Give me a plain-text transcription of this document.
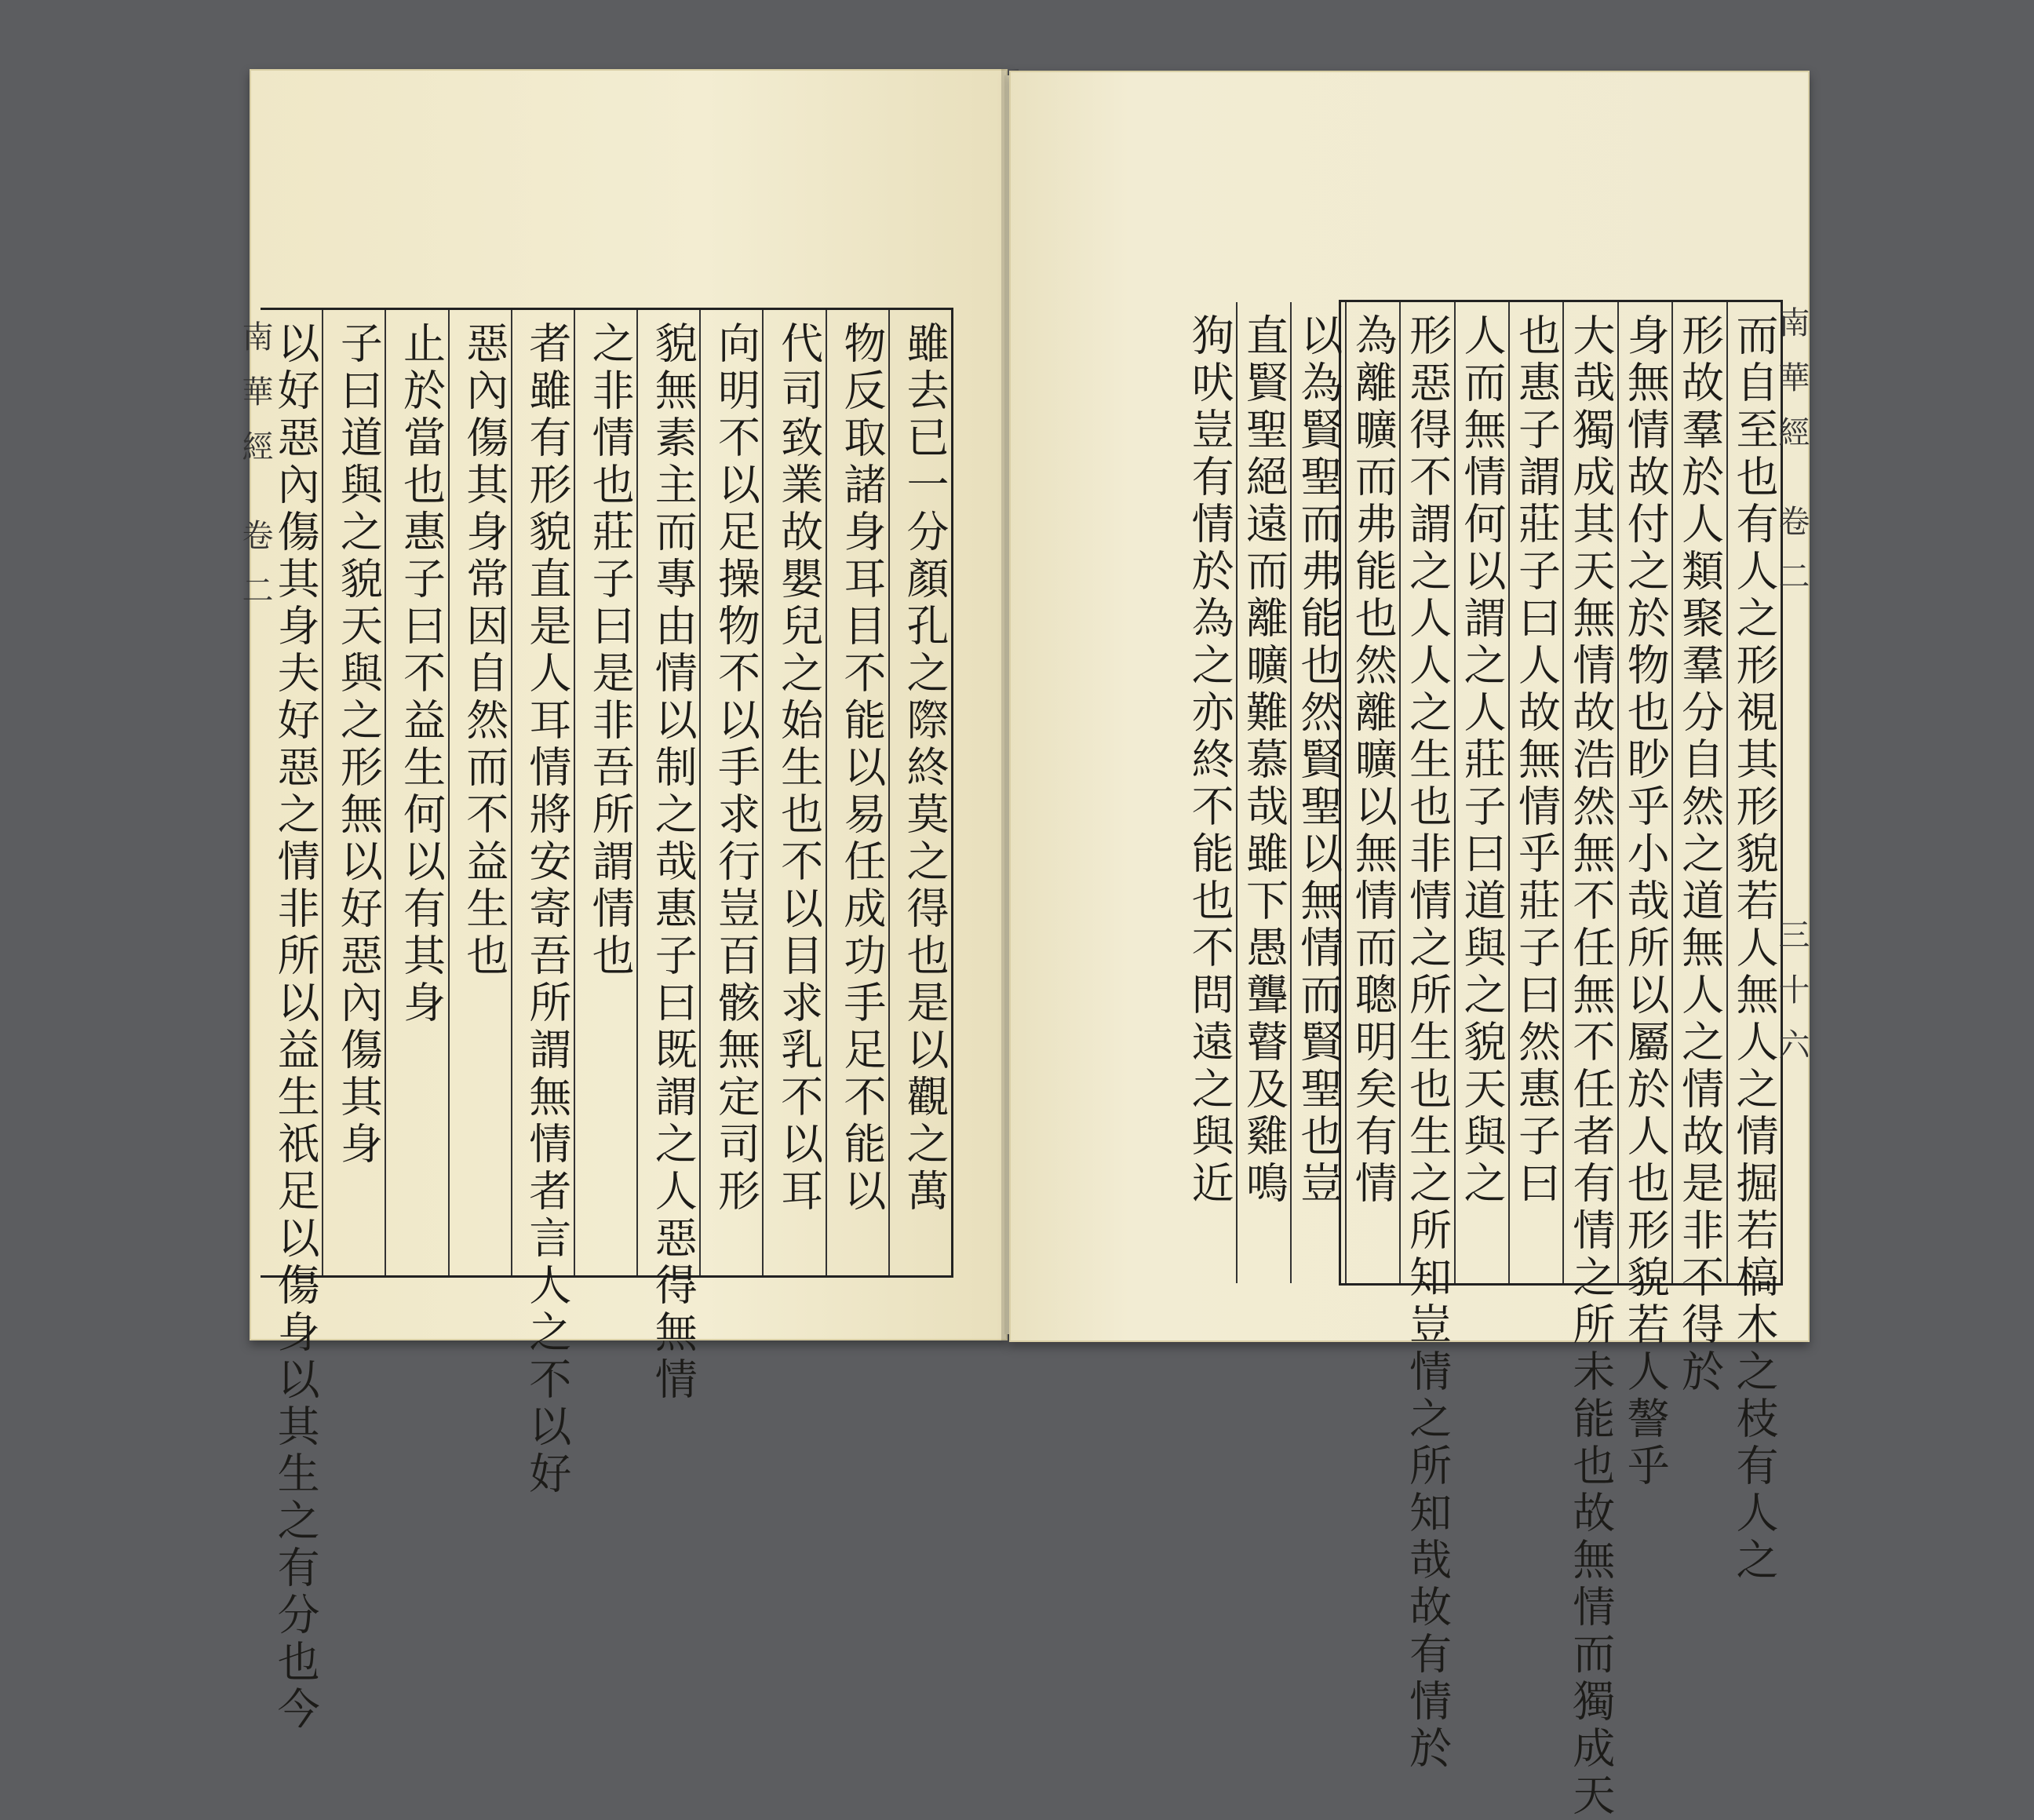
南華經 卷二	雖去已一分顏孔之際終莫之得也是以觀之萬
物反取諸身耳目不能以易任成功手足不能以
代司致業故嬰兒之始生也不以目求乳不以耳
向明不以足操物不以手求行豈百骸無定司形
貌無素主而專由情以制之哉惠子曰既謂之人惡得無情
之非情也莊子曰是非吾所謂情也
者雖有形貌直是人耳情將安寄吾所謂無情者言人之不以好
惡內傷其身常因自然而不益生也
止於當也惠子曰不益生何以有其身
子曰道與之貌天與之形無以好惡內傷其身
以好惡內傷其身夫好惡之情非所以益生祇足以傷身以其生之有分也今	而自至也有人之形視其形貌若人無人之情掘若槁木之枝有人之
形故羣於人類聚羣分自然之道無人之情故是非不得於
身無情故付之於物也眇乎小哉所以屬於人也形貌若人謷乎
大哉獨成其天無情故浩然無不任無不任者有情之所未能也故無情而獨成天
也惠子謂莊子曰人故無情乎莊子曰然惠子曰
人而無情何以謂之人莊子曰道與之貌天與之
形惡得不謂之人人之生也非情之所生也生之所知豈情之所知哉故有情於
為離曠而弗能也然離曠以無情而聰明矣有情
以為賢聖而弗能也然賢聖以無情而賢聖也豈
直賢聖絕遠而離曠難慕哉雖下愚聾瞽及雞鳴
狗吠豈有情於為之亦終不能也不問遠之與近	南華經 卷二
三十六
